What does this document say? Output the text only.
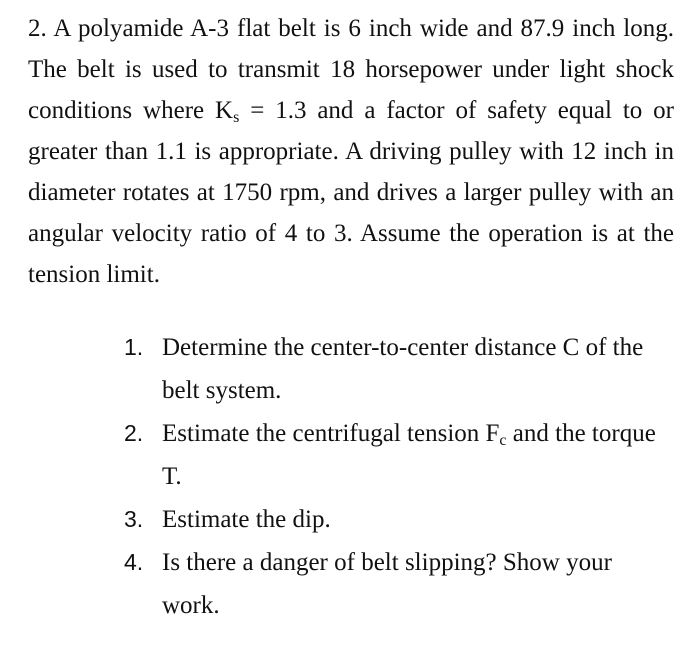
2. A polyamide A-3 flat belt is 6 inch wide and 87.9 inch long. The belt is used to transmit 18 horsepower under light shock conditions where $K_s = 1.3$ and a factor of safety equal to or greater than 1.1 is appropriate. A driving pulley with 12 inch in diameter rotates at 1750 rpm, and drives a larger pulley with an angular velocity ratio of 4 to 3. Assume the operation is at the tension limit.

1. Determine the center-to-center distance C of the belt system.
2. Estimate the centrifugal tension $F_c$ and the torque T.
3. Estimate the dip.
4. Is there a danger of belt slipping? Show your work.
